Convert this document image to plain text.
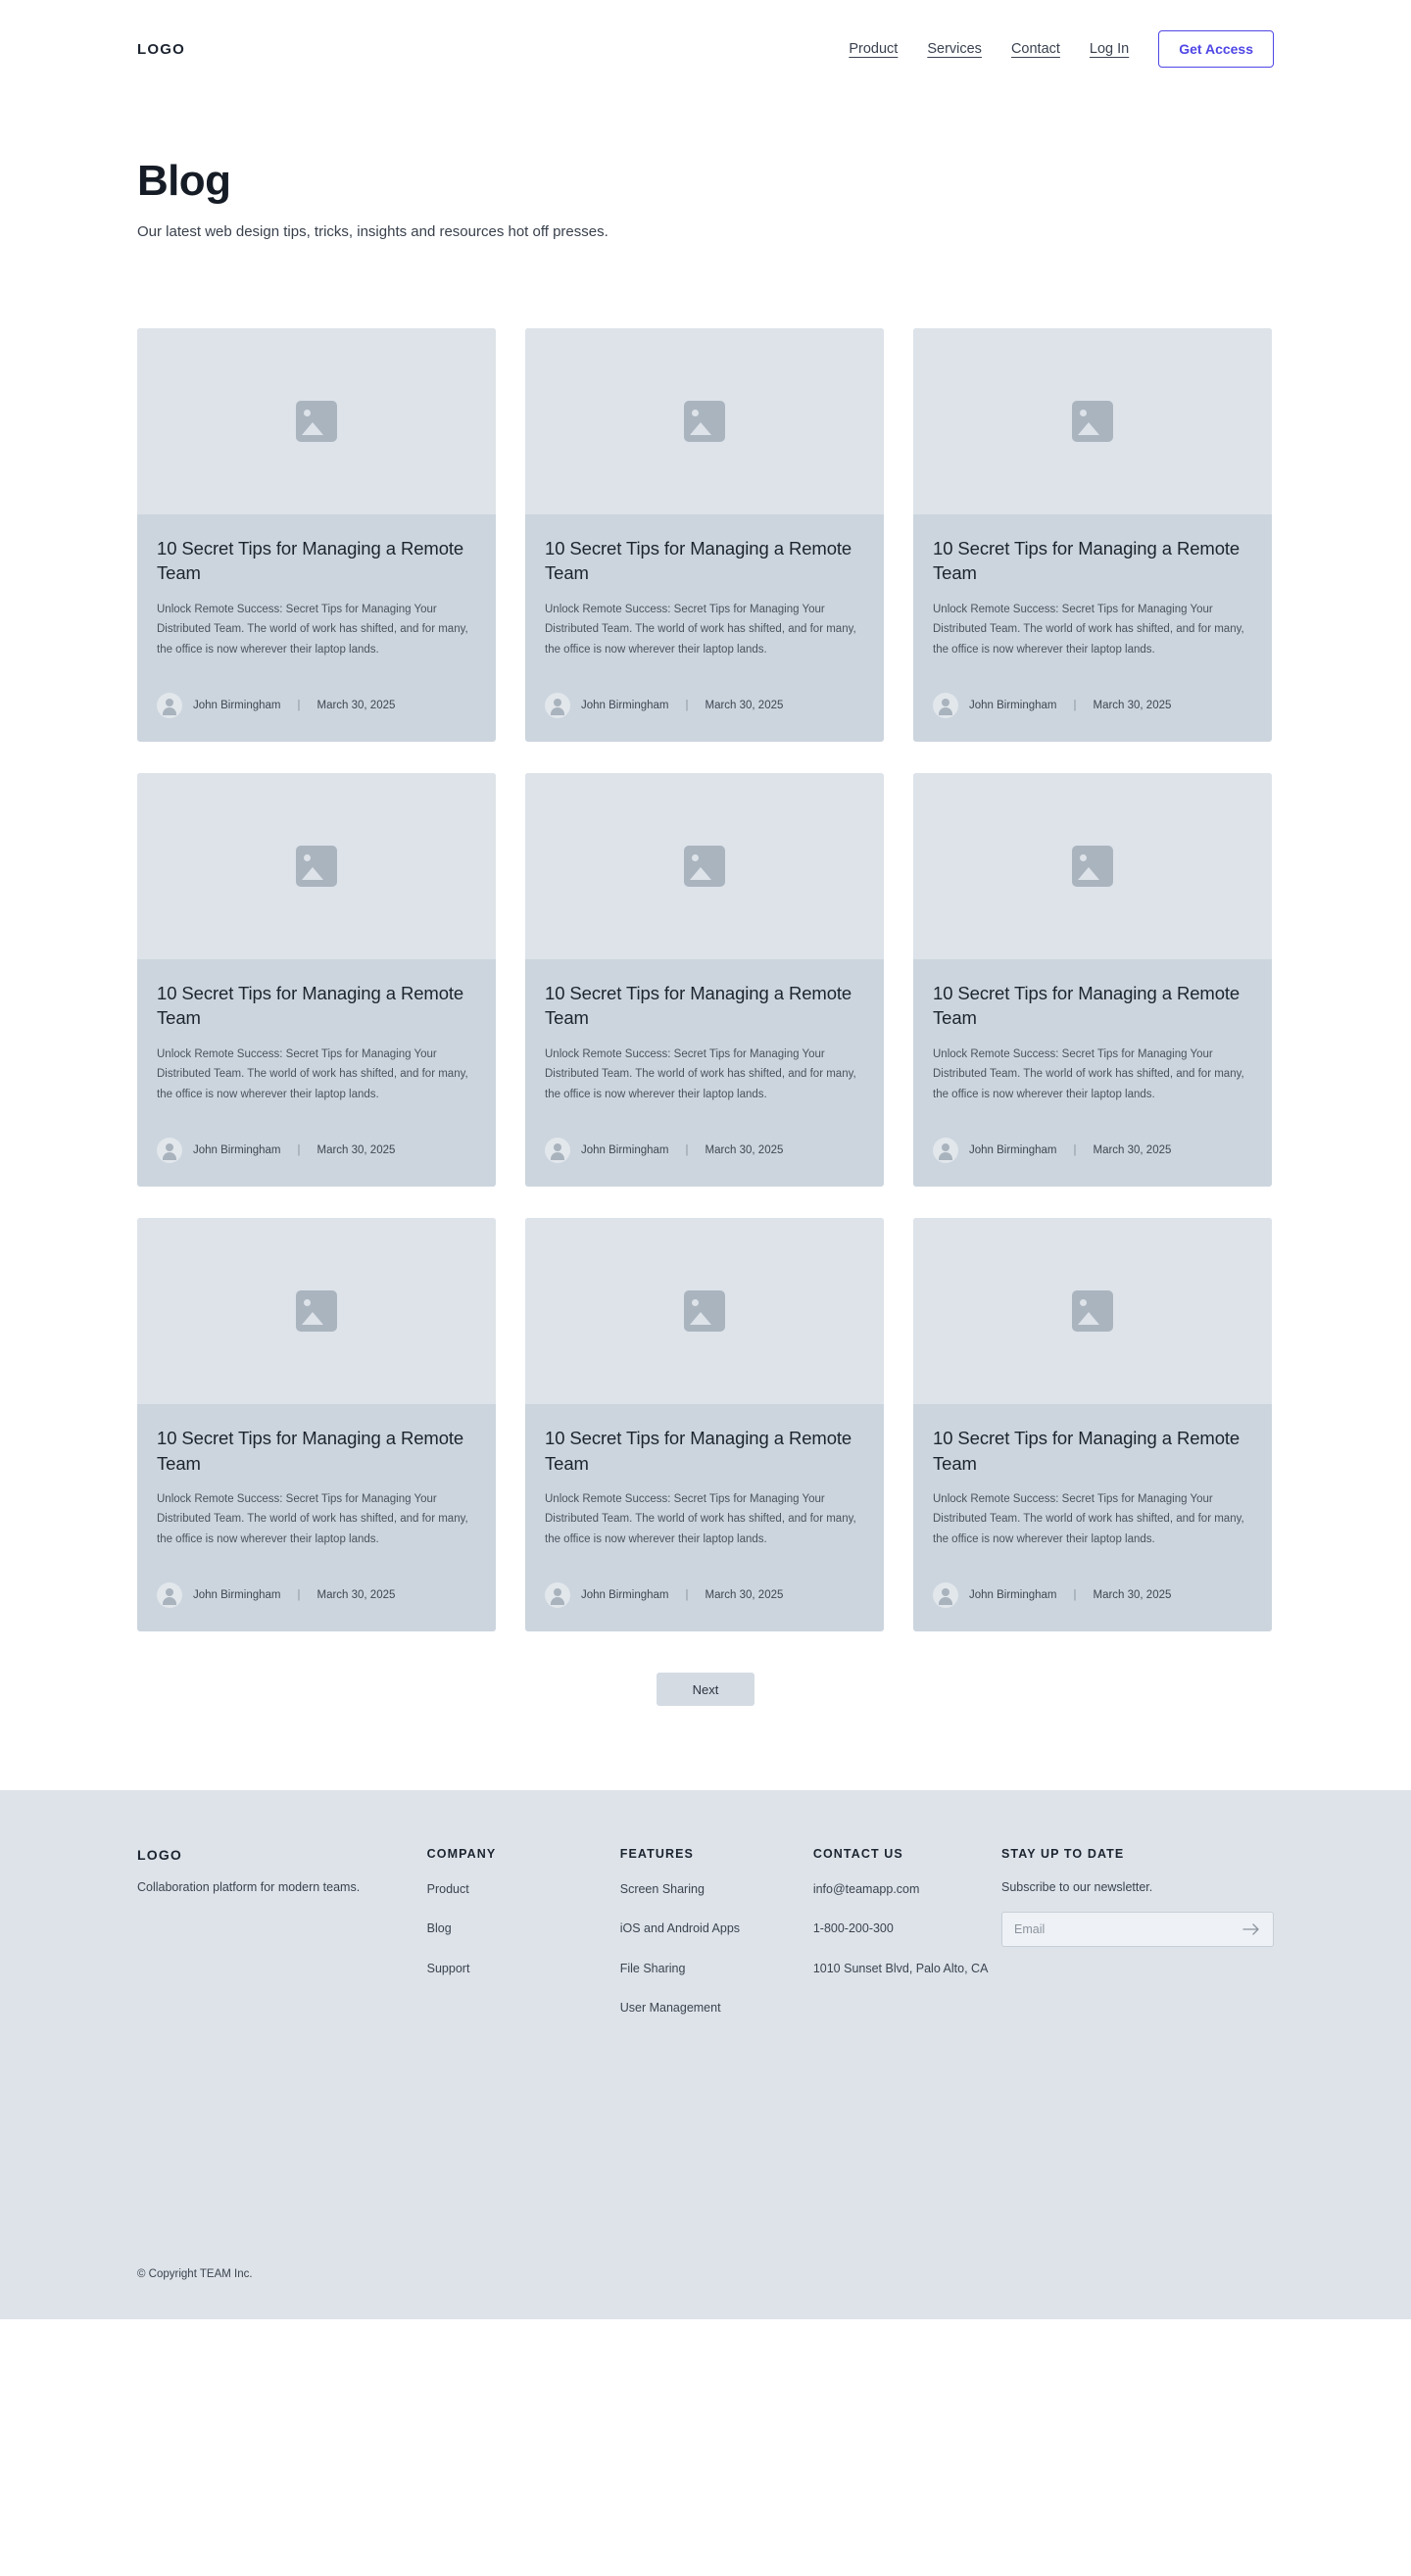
LOGO	Product Services Contact Log In	Get Access
Blog

Our latest web design tips, tricks, insights and resources hot off presses.

10 Secret Tips for Managing a Remote Team
Unlock Remote Success: Secret Tips for Managing Your Distributed Team. The world of work has shifted, and for many, the office is now wherever their laptop lands.
John Birmingham	|	March 30, 2025
10 Secret Tips for Managing a Remote Team
Unlock Remote Success: Secret Tips for Managing Your Distributed Team. The world of work has shifted, and for many, the office is now wherever their laptop lands.
John Birmingham	|	March 30, 2025
10 Secret Tips for Managing a Remote Team
Unlock Remote Success: Secret Tips for Managing Your Distributed Team. The world of work has shifted, and for many, the office is now wherever their laptop lands.
John Birmingham	|	March 30, 2025
10 Secret Tips for Managing a Remote Team
Unlock Remote Success: Secret Tips for Managing Your Distributed Team. The world of work has shifted, and for many, the office is now wherever their laptop lands.
John Birmingham	|	March 30, 2025
10 Secret Tips for Managing a Remote Team
Unlock Remote Success: Secret Tips for Managing Your Distributed Team. The world of work has shifted, and for many, the office is now wherever their laptop lands.
John Birmingham	|	March 30, 2025
10 Secret Tips for Managing a Remote Team
Unlock Remote Success: Secret Tips for Managing Your Distributed Team. The world of work has shifted, and for many, the office is now wherever their laptop lands.
John Birmingham	|	March 30, 2025
10 Secret Tips for Managing a Remote Team
Unlock Remote Success: Secret Tips for Managing Your Distributed Team. The world of work has shifted, and for many, the office is now wherever their laptop lands.
John Birmingham	|	March 30, 2025
10 Secret Tips for Managing a Remote Team
Unlock Remote Success: Secret Tips for Managing Your Distributed Team. The world of work has shifted, and for many, the office is now wherever their laptop lands.
John Birmingham	|	March 30, 2025
10 Secret Tips for Managing a Remote Team
Unlock Remote Success: Secret Tips for Managing Your Distributed Team. The world of work has shifted, and for many, the office is now wherever their laptop lands.
John Birmingham	|	March 30, 2025
Next
LOGO
Collaboration platform for modern teams.
COMPANY
Product
Blog
Support
FEATURES
Screen Sharing
iOS and Android Apps
File Sharing
User Management
CONTACT US
info@teamapp.com
1-800-200-300
1010 Sunset Blvd, Palo Alto, CA
STAY UP TO DATE
Subscribe to our newsletter.
Email
© Copyright TEAM Inc.
